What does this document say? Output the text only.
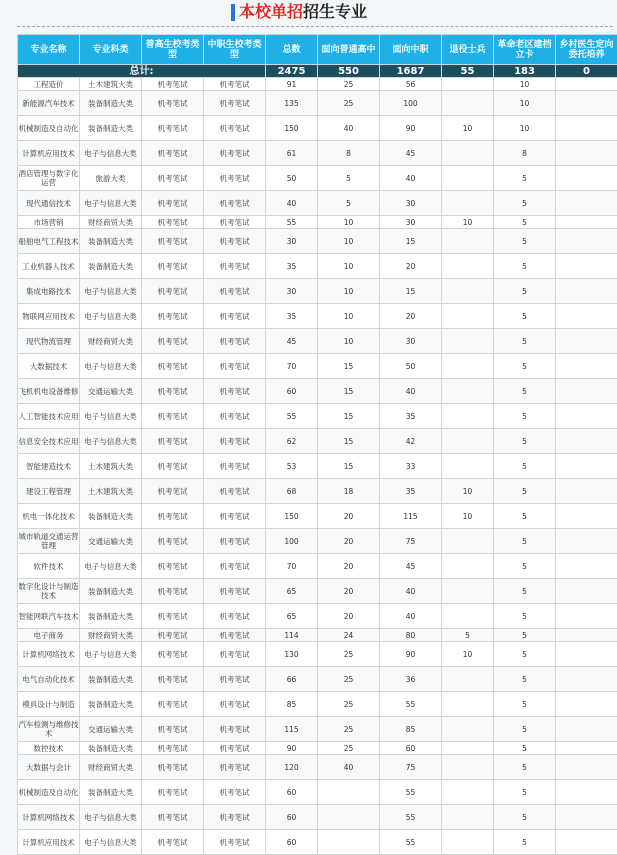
本校单招招生专业
专业名称	专业科类	普高生校考类型	中职生校考类型	总数	面向普通高中	面向中职	退役士兵	革命老区建档立卡	乡村医生定向委托培养
总计:				2475	550	1687	55	183	0
工程造价	土木建筑大类	机考笔试	机考笔试	91	25	56		10	
新能源汽车技术	装备制造大类	机考笔试	机考笔试	135	25	100		10	
机械制造及自动化	装备制造大类	机考笔试	机考笔试	150	40	90	10	10	
计算机应用技术	电子与信息大类	机考笔试	机考笔试	61	8	45		8	
酒店管理与数字化运营	旅游大类	机考笔试	机考笔试	50	5	40		5	
现代通信技术	电子与信息大类	机考笔试	机考笔试	40	5	30		5	
市场营销	财经商贸大类	机考笔试	机考笔试	55	10	30	10	5	
船舶电气工程技术	装备制造大类	机考笔试	机考笔试	30	10	15		5	
工业机器人技术	装备制造大类	机考笔试	机考笔试	35	10	20		5	
集成电路技术	电子与信息大类	机考笔试	机考笔试	30	10	15		5	
物联网应用技术	电子与信息大类	机考笔试	机考笔试	35	10	20		5	
现代物流管理	财经商贸大类	机考笔试	机考笔试	45	10	30		5	
大数据技术	电子与信息大类	机考笔试	机考笔试	70	15	50		5	
飞机机电设备维修	交通运输大类	机考笔试	机考笔试	60	15	40		5	
人工智能技术应用	电子与信息大类	机考笔试	机考笔试	55	15	35		5	
信息安全技术应用	电子与信息大类	机考笔试	机考笔试	62	15	42		5	
智能建造技术	土木建筑大类	机考笔试	机考笔试	53	15	33		5	
建设工程管理	土木建筑大类	机考笔试	机考笔试	68	18	35	10	5	
机电一体化技术	装备制造大类	机考笔试	机考笔试	150	20	115	10	5	
城市轨道交通运营管理	交通运输大类	机考笔试	机考笔试	100	20	75		5	
软件技术	电子与信息大类	机考笔试	机考笔试	70	20	45		5	
数字化设计与制造技术	装备制造大类	机考笔试	机考笔试	65	20	40		5	
智能网联汽车技术	装备制造大类	机考笔试	机考笔试	65	20	40		5	
电子商务	财经商贸大类	机考笔试	机考笔试	114	24	80	5	5	
计算机网络技术	电子与信息大类	机考笔试	机考笔试	130	25	90	10	5	
电气自动化技术	装备制造大类	机考笔试	机考笔试	66	25	36		5	
模具设计与制造	装备制造大类	机考笔试	机考笔试	85	25	55		5	
汽车检测与维修技术	交通运输大类	机考笔试	机考笔试	115	25	85		5	
数控技术	装备制造大类	机考笔试	机考笔试	90	25	60		5	
大数据与会计	财经商贸大类	机考笔试	机考笔试	120	40	75		5	
机械制造及自动化	装备制造大类	机考笔试	机考笔试	60		55		5	
计算机网络技术	电子与信息大类	机考笔试	机考笔试	60		55		5	
计算机应用技术	电子与信息大类	机考笔试	机考笔试	60		55		5	
